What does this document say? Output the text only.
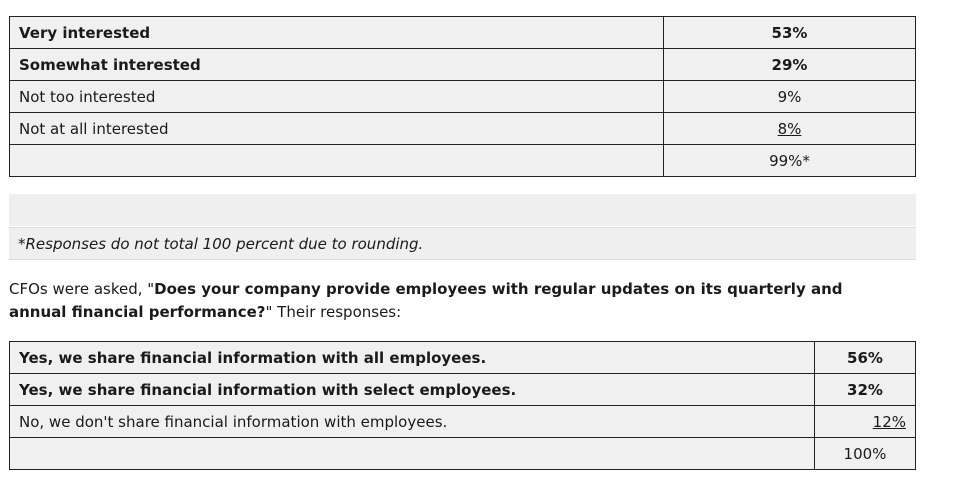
Very interested	53%
Somewhat interested	29%
Not too interested	9%
Not at all interested	8%
	99%*
*Responses do not total 100 percent due to rounding.
CFOs were asked, "Does your company provide employees with regular updates on its quarterly and annual financial performance?" Their responses:
Yes, we share financial information with all employees.	56%
Yes, we share financial information with select employees.	32%
No, we don't share financial information with employees.	12%
	100%
